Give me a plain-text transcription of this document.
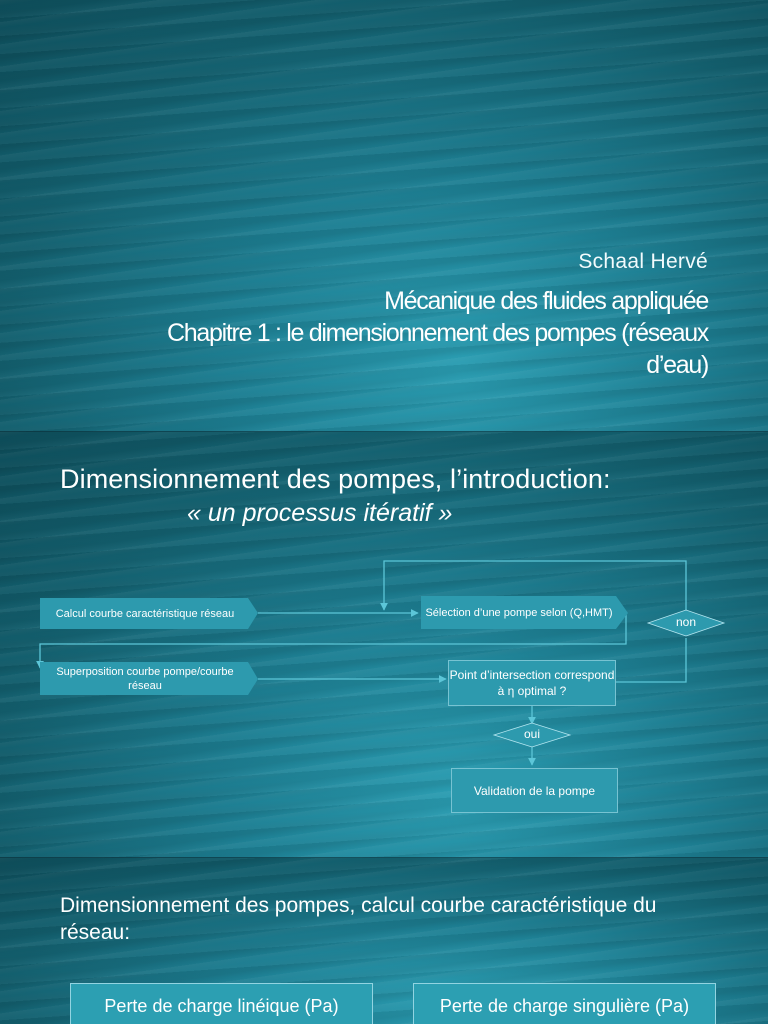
Schaal Hervé
Mécanique des fluides appliquée
Chapitre 1 : le dimensionnement des pompes (réseaux
d’eau)
Dimensionnement des pompes, l’introduction:
« un processus itératif »
Calcul courbe caractéristique réseau	Sélection d’une pompe selon (Q,HMT)
Superposition courbe pompe/courbe réseau
Point d’intersection correspond à η optimal ?
Validation de la pompe
non
oui
Dimensionnement des pompes, calcul courbe caractéristique du réseau:
Perte de charge linéique (Pa)	Perte de charge singulière (Pa)
